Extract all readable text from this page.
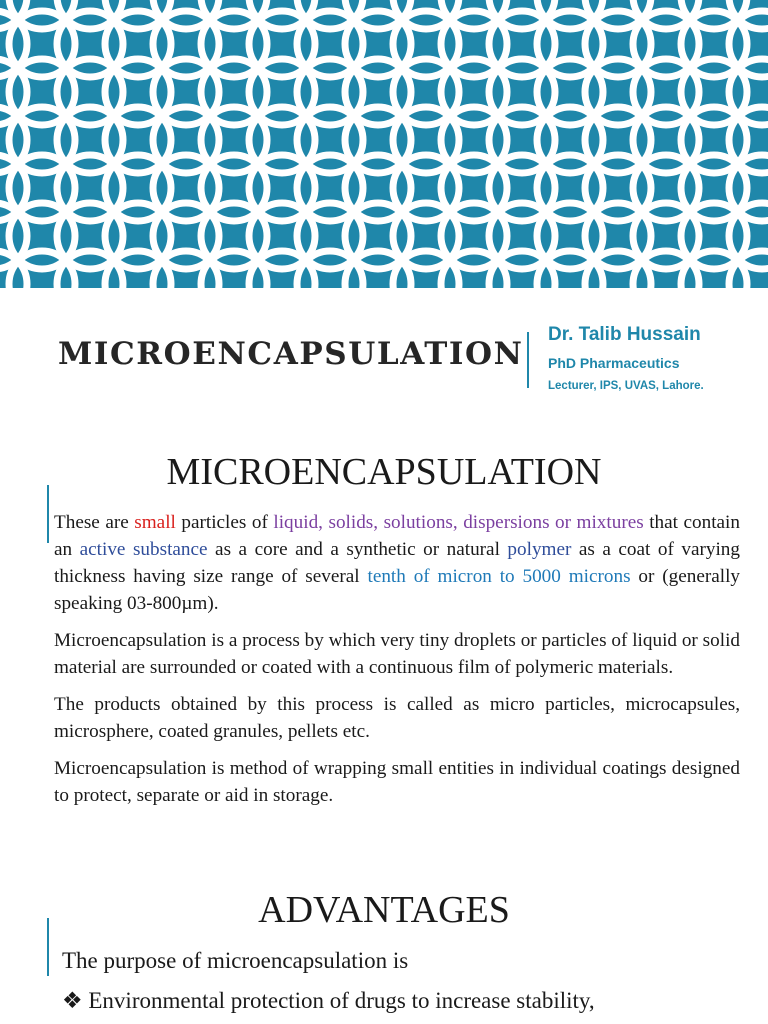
MICROENCAPSULATION
Dr. Talib Hussain
PhD Pharmaceutics
Lecturer, IPS, UVAS, Lahore.
MICROENCAPSULATION

These are small particles of liquid, solids, solutions, dispersions or mixtures that contain an active substance as a core and a synthetic or natural polymer as a coat of varying thickness having size range of several tenth of micron to 5000 microns or (generally speaking 03-800µm).

Microencapsulation is a process by which very tiny droplets or particles of liquid or solid material are surrounded or coated with a continuous film of polymeric materials.

The products obtained by this process is called as micro particles, microcapsules, microsphere, coated granules, pellets etc.

Microencapsulation is method of wrapping small entities in individual coatings designed to protect, separate or aid in storage.

ADVANTAGES

The purpose of microencapsulation is

❖ Environmental protection of drugs to increase stability,
